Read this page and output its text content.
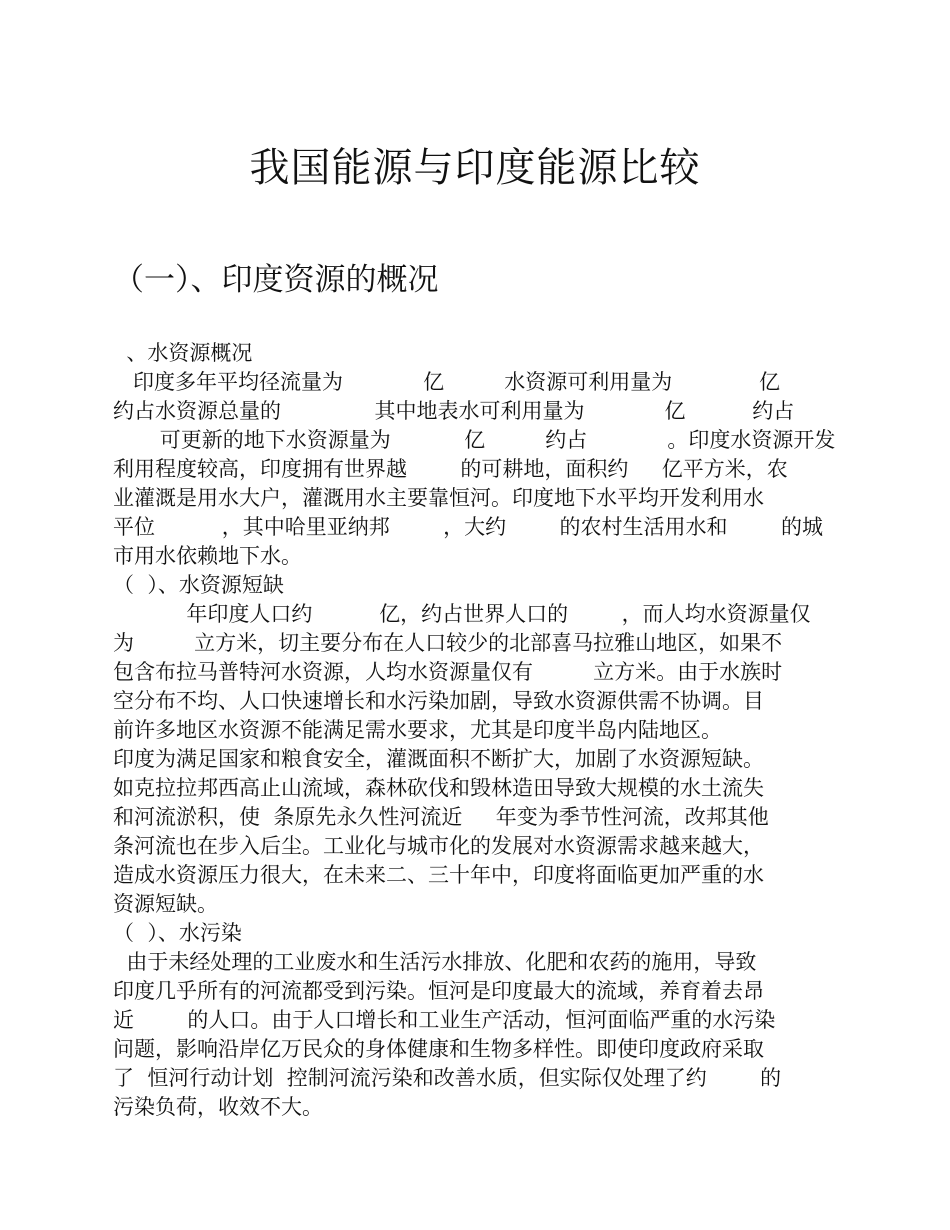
我国能源与印度能源比较
（一）、印度资源的概况
、水资源概况
印度多年平均径流量为            亿         水资源可利用量为             亿
约占水资源总量的              其中地表水可利用量为            亿          约占
可更新的地下水资源量为           亿         约占            。印度水资源开发
利用程度较高，印度拥有世界越        的可耕地，面积约     亿平方米，农
业灌溉是用水大户，灌溉用水主要靠恒河。印度地下水平均开发利用水
平位          ，其中哈里亚纳邦        ，大约        的农村生活用水和        的城
市用水依赖地下水。
（  ）、水资源短缺
年印度人口约          亿，约占世界人口的        ，而人均水资源量仅
为         立方米，切主要分布在人口较少的北部喜马拉雅山地区，如果不
包含布拉马普特河水资源，人均水资源量仅有         立方米。由于水族时
空分布不均、人口快速增长和水污染加剧，导致水资源供需不协调。目
前许多地区水资源不能满足需水要求，尤其是印度半岛内陆地区。
印度为满足国家和粮食安全，灌溉面积不断扩大，加剧了水资源短缺。
如克拉拉邦西高止山流域，森林砍伐和毁林造田导致大规模的水土流失
和河流淤积，使  条原先永久性河流近     年变为季节性河流，改邦其他
条河流也在步入后尘。工业化与城市化的发展对水资源需求越来越大，
造成水资源压力很大，在未来二、三十年中，印度将面临更加严重的水
资源短缺。
（  ）、水污染
由于未经处理的工业废水和生活污水排放、化肥和农药的施用，导致
印度几乎所有的河流都受到污染。恒河是印度最大的流域，养育着去昂
近        的人口。由于人口增长和工业生产活动，恒河面临严重的水污染
问题，影响沿岸亿万民众的身体健康和生物多样性。即使印度政府采取
了  恒河行动计划  控制河流污染和改善水质，但实际仅处理了约        的
污染负荷，收效不大。
